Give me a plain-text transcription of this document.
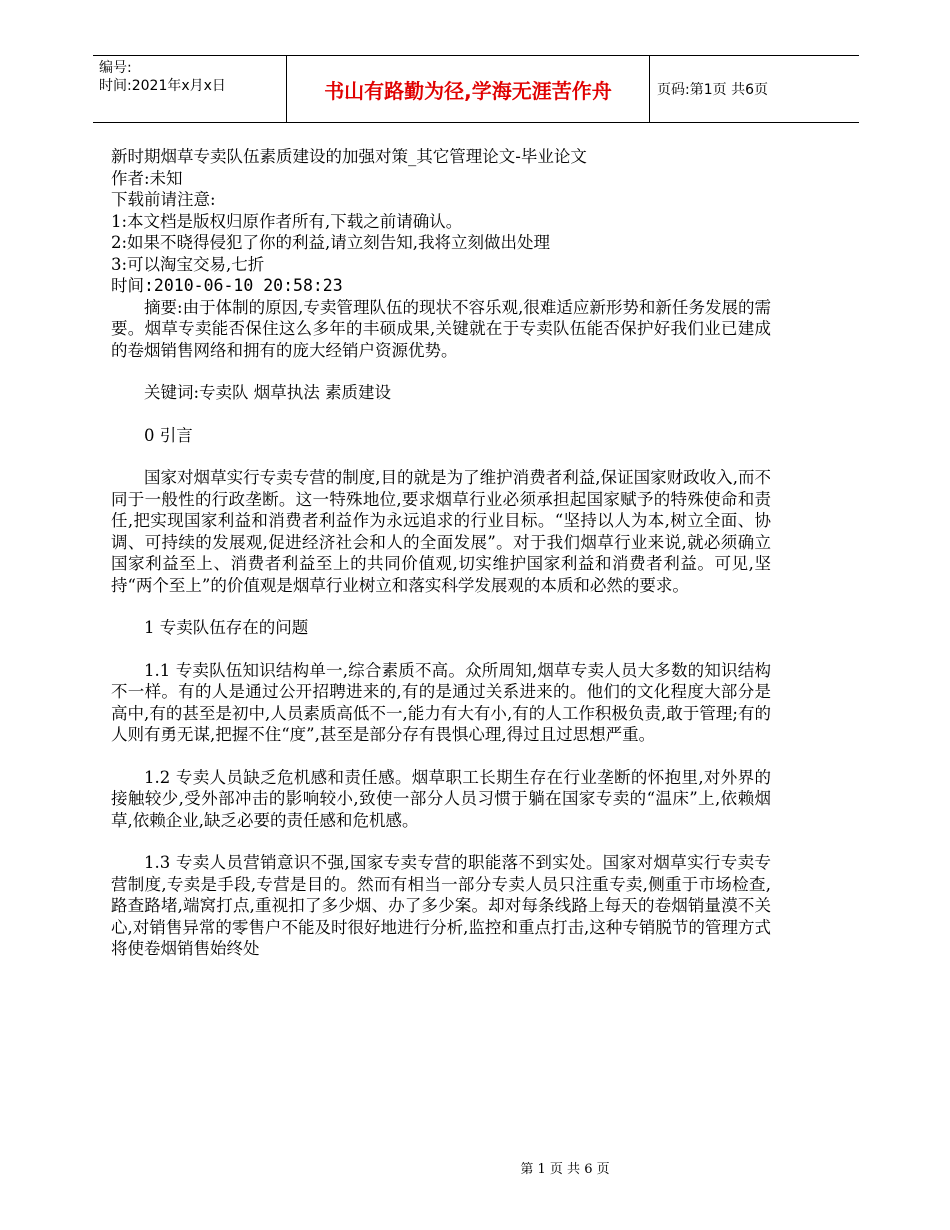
编号:
时间:2021年x月x日	书山有路勤为径,学海无涯苦作舟	页码:第1页 共6页

新时期烟草专卖队伍素质建设的加强对策_其它管理论文-毕业论文

作者:未知

下载前请注意:

1:本文档是版权归原作者所有,下载之前请确认。

2:如果不晓得侵犯了你的利益,请立刻告知,我将立刻做出处理

3:可以淘宝交易,七折

时间:2010-06-10 20:58:23

摘要:由于体制的原因,专卖管理队伍的现状不容乐观,很难适应新形势和新任务发展的需要。烟草专卖能否保住这么多年的丰硕成果,关键就在于专卖队伍能否保护好我们业已建成的卷烟销售网络和拥有的庞大经销户资源优势。

关键词:专卖队 烟草执法 素质建设

0 引言

国家对烟草实行专卖专营的制度,目的就是为了维护消费者利益,保证国家财政收入,而不同于一般性的行政垄断。这一特殊地位,要求烟草行业必须承担起国家赋予的特殊使命和责任,把实现国家利益和消费者利益作为永远追求的行业目标。“坚持以人为本,树立全面、协调、可持续的发展观,促进经济社会和人的全面发展”。对于我们烟草行业来说,就必须确立国家利益至上、消费者利益至上的共同价值观,切实维护国家利益和消费者利益。可见,坚持“两个至上”的价值观是烟草行业树立和落实科学发展观的本质和必然的要求。

1 专卖队伍存在的问题

1.1 专卖队伍知识结构单一,综合素质不高。众所周知,烟草专卖人员大多数的知识结构不一样。有的人是通过公开招聘进来的,有的是通过关系进来的。他们的文化程度大部分是高中,有的甚至是初中,人员素质高低不一,能力有大有小,有的人工作积极负责,敢于管理;有的人则有勇无谋,把握不住“度”,甚至是部分存有畏惧心理,得过且过思想严重。

1.2 专卖人员缺乏危机感和责任感。烟草职工长期生存在行业垄断的怀抱里,对外界的接触较少,受外部冲击的影响较小,致使一部分人员习惯于躺在国家专卖的“温床”上,依赖烟草,依赖企业,缺乏必要的责任感和危机感。

1.3 专卖人员营销意识不强,国家专卖专营的职能落不到实处。国家对烟草实行专卖专营制度,专卖是手段,专营是目的。然而有相当一部分专卖人员只注重专卖,侧重于市场检查,路查路堵,端窝打点,重视扣了多少烟、办了多少案。却对每条线路上每天的卷烟销量漠不关心,对销售异常的零售户不能及时很好地进行分析,监控和重点打击,这种专销脱节的管理方式将使卷烟销售始终处

第 1 页 共 6 页
